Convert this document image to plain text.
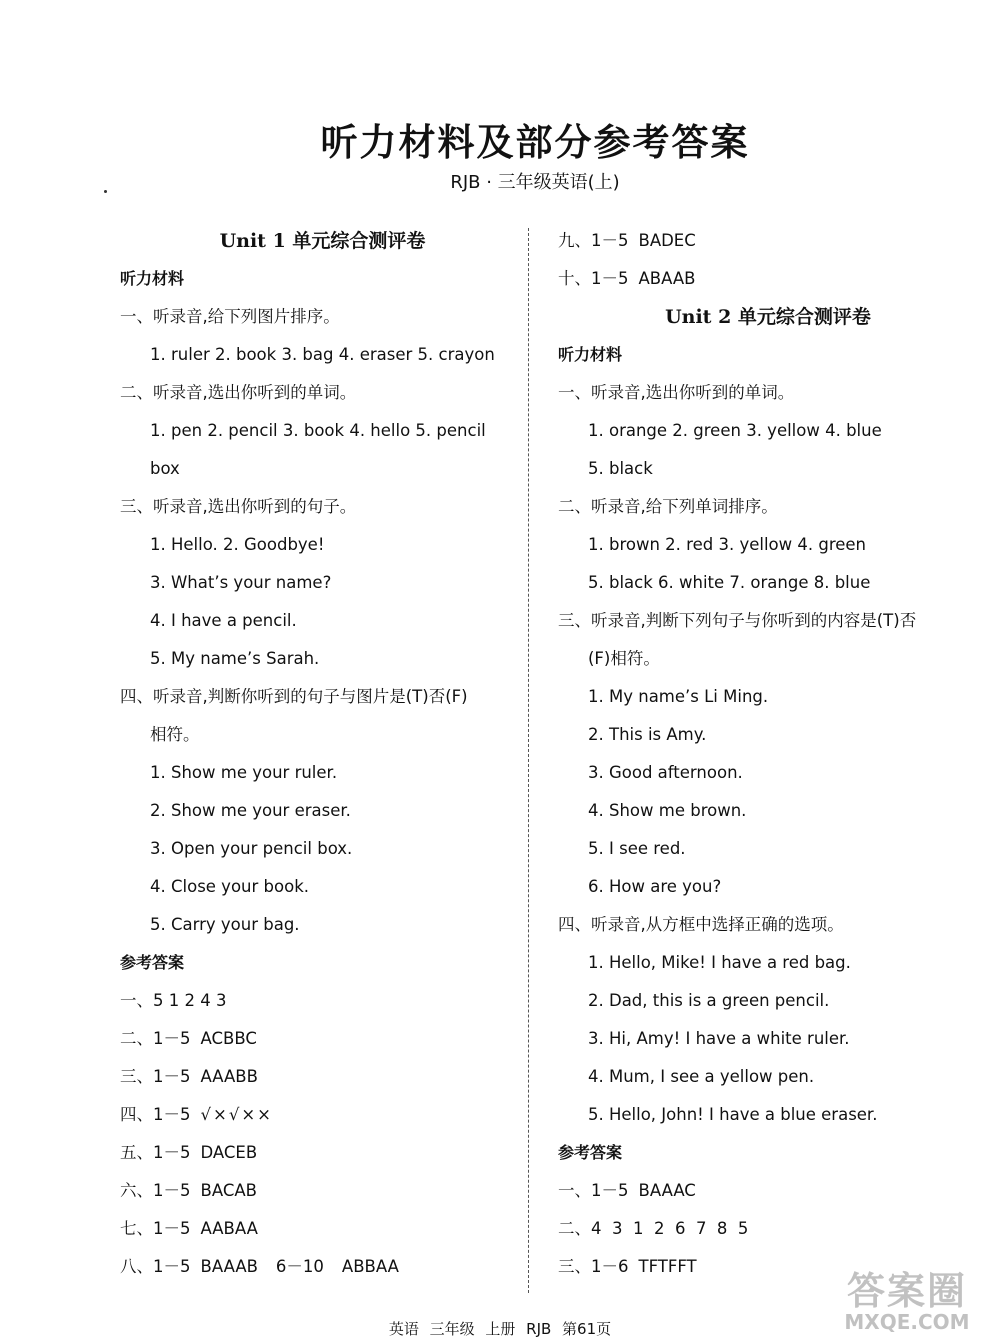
听力材料及部分参考答案
RJB · 三年级英语(上)
Unit 1 单元综合测评卷
听力材料
一、听录音,给下列图片排序。
1. ruler 2. book 3. bag 4. eraser 5. crayon
二、听录音,选出你听到的单词。
1. pen 2. pencil 3. book 4. hello 5. pencil
box
三、听录音,选出你听到的句子。
1. Hello. 2. Goodbye!
3. What’s your name?
4. I have a pencil.
5. My name’s Sarah.
四、听录音,判断你听到的句子与图片是(T)否(F)
相符。
1. Show me your ruler.
2. Show me your eraser.
3. Open your pencil box.
4. Close your book.
5. Carry your bag.
参考答案
一、5 1 2 4 3
二、1－5 ACBBC
三、1－5 AAABB
四、1－5 √×√××
五、1－5 DACEB
六、1－5 BACAB
七、1－5 AABAA
八、1－5 BAAAB 6－10 ABBAA
九、1－5 BADEC
十、1－5 ABAAB
Unit 2 单元综合测评卷
听力材料
一、听录音,选出你听到的单词。
1. orange 2. green 3. yellow 4. blue
5. black
二、听录音,给下列单词排序。
1. brown 2. red 3. yellow 4. green
5. black 6. white 7. orange 8. blue
三、听录音,判断下列句子与你听到的内容是(T)否
(F)相符。
1. My name’s Li Ming.
2. This is Amy.
3. Good afternoon.
4. Show me brown.
5. I see red.
6. How are you?
四、听录音,从方框中选择正确的选项。
1. Hello, Mike! I have a red bag.
2. Dad, this is a green pencil.
3. Hi, Amy! I have a white ruler.
4. Mum, I see a yellow pen.
5. Hello, John! I have a blue eraser.
参考答案
一、1－5 BAAAC
二、4  3  1  2  6  7  8  5
三、1－6 TFTFFT
英语 三年级 上册 RJB 第61页
答案圈
MXQE.COM
